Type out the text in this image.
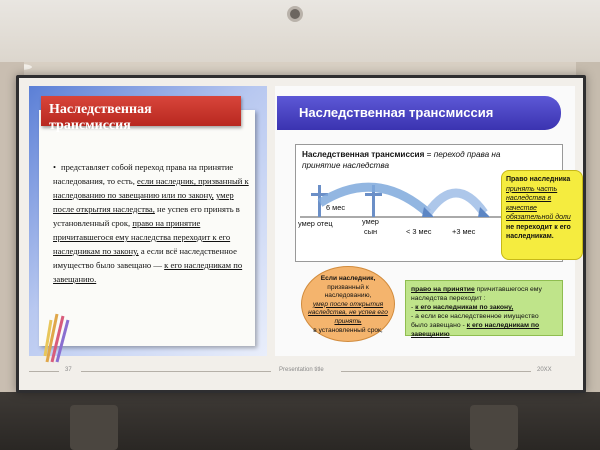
• представляет собой переход права на принятие наследования, то есть, если наследник, призванный к наследованию по завещанию или по закону, умер после открытия наследства, не успев его принять в установленный срок, право на принятие причитавшегося ему наследства переходит к его наследникам по закону, а если всё наследственное имущество было завещано — к его наследникам по завещанию.
Наследственная трансмиссия
Наследственная трансмиссия
Наследственная трансмиссия = переход права на принятие наследства
6 мес
умер отец	умер
сын	< 3 мес	+3 мес
Право наследника
принять часть наследства в качестве обязательной доли
не переходит к его наследникам.
Если наследник,
призванный к наследованию,
умер после открытия наследства, не успев его принять
в установленный срок,
право на принятие причитавшегося ему наследства переходит :
- к его наследникам по закону,
- а если все наследственное имущество было завещано - к его наследникам по завещанию
37	Presentation title	20XX
